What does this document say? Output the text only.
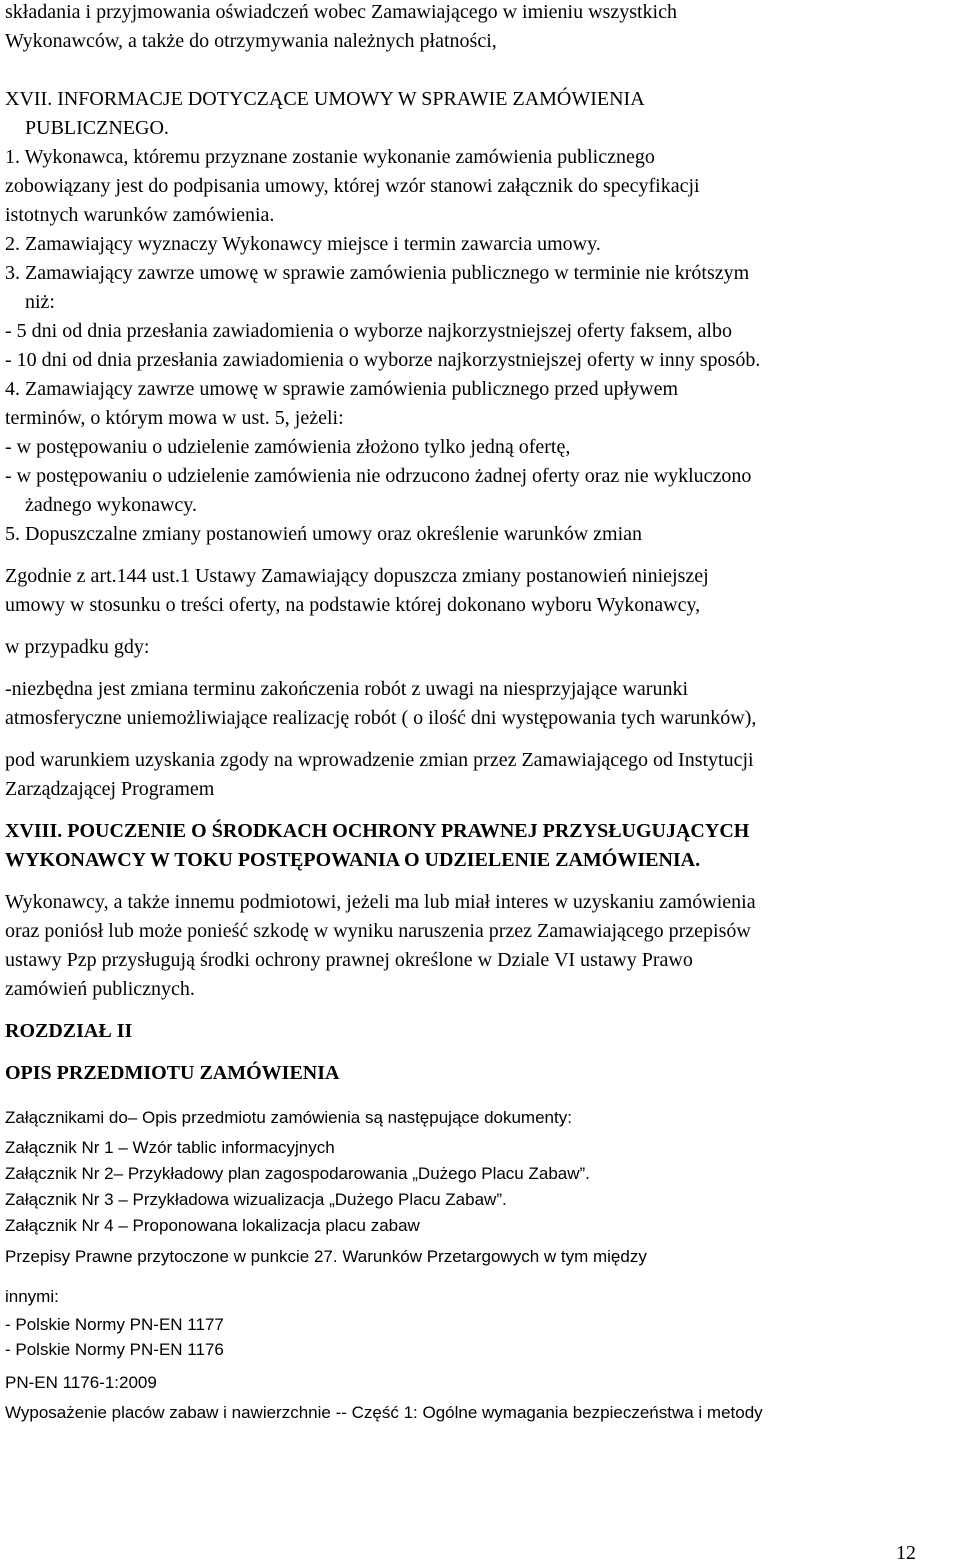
składania i przyjmowania oświadczeń wobec Zamawiającego w imieniu wszystkich
Wykonawców, a także do otrzymywania należnych płatności,
XVII. INFORMACJE DOTYCZĄCE UMOWY W SPRAWIE ZAMÓWIENIA
PUBLICZNEGO.
1. Wykonawca, któremu przyznane zostanie wykonanie zamówienia publicznego
zobowiązany jest do podpisania umowy, której wzór stanowi załącznik do specyfikacji
istotnych warunków zamówienia.
2. Zamawiający wyznaczy Wykonawcy miejsce i termin zawarcia umowy.
3. Zamawiający zawrze umowę w sprawie zamówienia publicznego w terminie nie krótszym
niż:
- 5 dni od dnia przesłania zawiadomienia o wyborze najkorzystniejszej oferty faksem, albo
- 10 dni od dnia przesłania zawiadomienia o wyborze najkorzystniejszej oferty w inny sposób.
4. Zamawiający zawrze umowę w sprawie zamówienia publicznego przed upływem
terminów, o którym mowa w ust. 5, jeżeli:
- w postępowaniu o udzielenie zamówienia złożono tylko jedną ofertę,
- w postępowaniu o udzielenie zamówienia nie odrzucono żadnej oferty oraz nie wykluczono
żadnego wykonawcy.
5. Dopuszczalne zmiany postanowień umowy oraz określenie warunków zmian
Zgodnie z art.144 ust.1 Ustawy Zamawiający dopuszcza zmiany postanowień niniejszej
umowy w stosunku o treści oferty, na podstawie której dokonano wyboru Wykonawcy,
w przypadku gdy:
-niezbędna jest zmiana terminu zakończenia robót z uwagi na niesprzyjające warunki
atmosferyczne uniemożliwiające realizację robót ( o ilość dni występowania tych warunków),
pod warunkiem uzyskania zgody na wprowadzenie zmian przez Zamawiającego od Instytucji
Zarządzającej Programem
XVIII. POUCZENIE O ŚRODKACH OCHRONY PRAWNEJ PRZYSŁUGUJĄCYCH
WYKONAWCY W TOKU POSTĘPOWANIA O UDZIELENIE ZAMÓWIENIA.
Wykonawcy, a także innemu podmiotowi, jeżeli ma lub miał interes w uzyskaniu zamówienia
oraz poniósł lub może ponieść szkodę w wyniku naruszenia przez Zamawiającego przepisów
ustawy Pzp przysługują środki ochrony prawnej określone w Dziale VI ustawy Prawo
zamówień publicznych.
ROZDZIAŁ II
OPIS PRZEDMIOTU ZAMÓWIENIA
Załącznikami do– Opis przedmiotu zamówienia są następujące dokumenty:
Załącznik Nr 1 – Wzór tablic informacyjnych
Załącznik Nr 2– Przykładowy plan zagospodarowania „Dużego Placu Zabaw”.
Załącznik Nr 3 – Przykładowa wizualizacja „Dużego Placu Zabaw”.
Załącznik Nr 4 – Proponowana lokalizacja placu zabaw
Przepisy Prawne przytoczone w punkcie 27. Warunków Przetargowych w tym między
innymi:
- Polskie Normy PN-EN 1177
- Polskie Normy PN-EN 1176
PN-EN 1176-1:2009
Wyposażenie placów zabaw i nawierzchnie -- Część 1: Ogólne wymagania bezpieczeństwa i metody
12
